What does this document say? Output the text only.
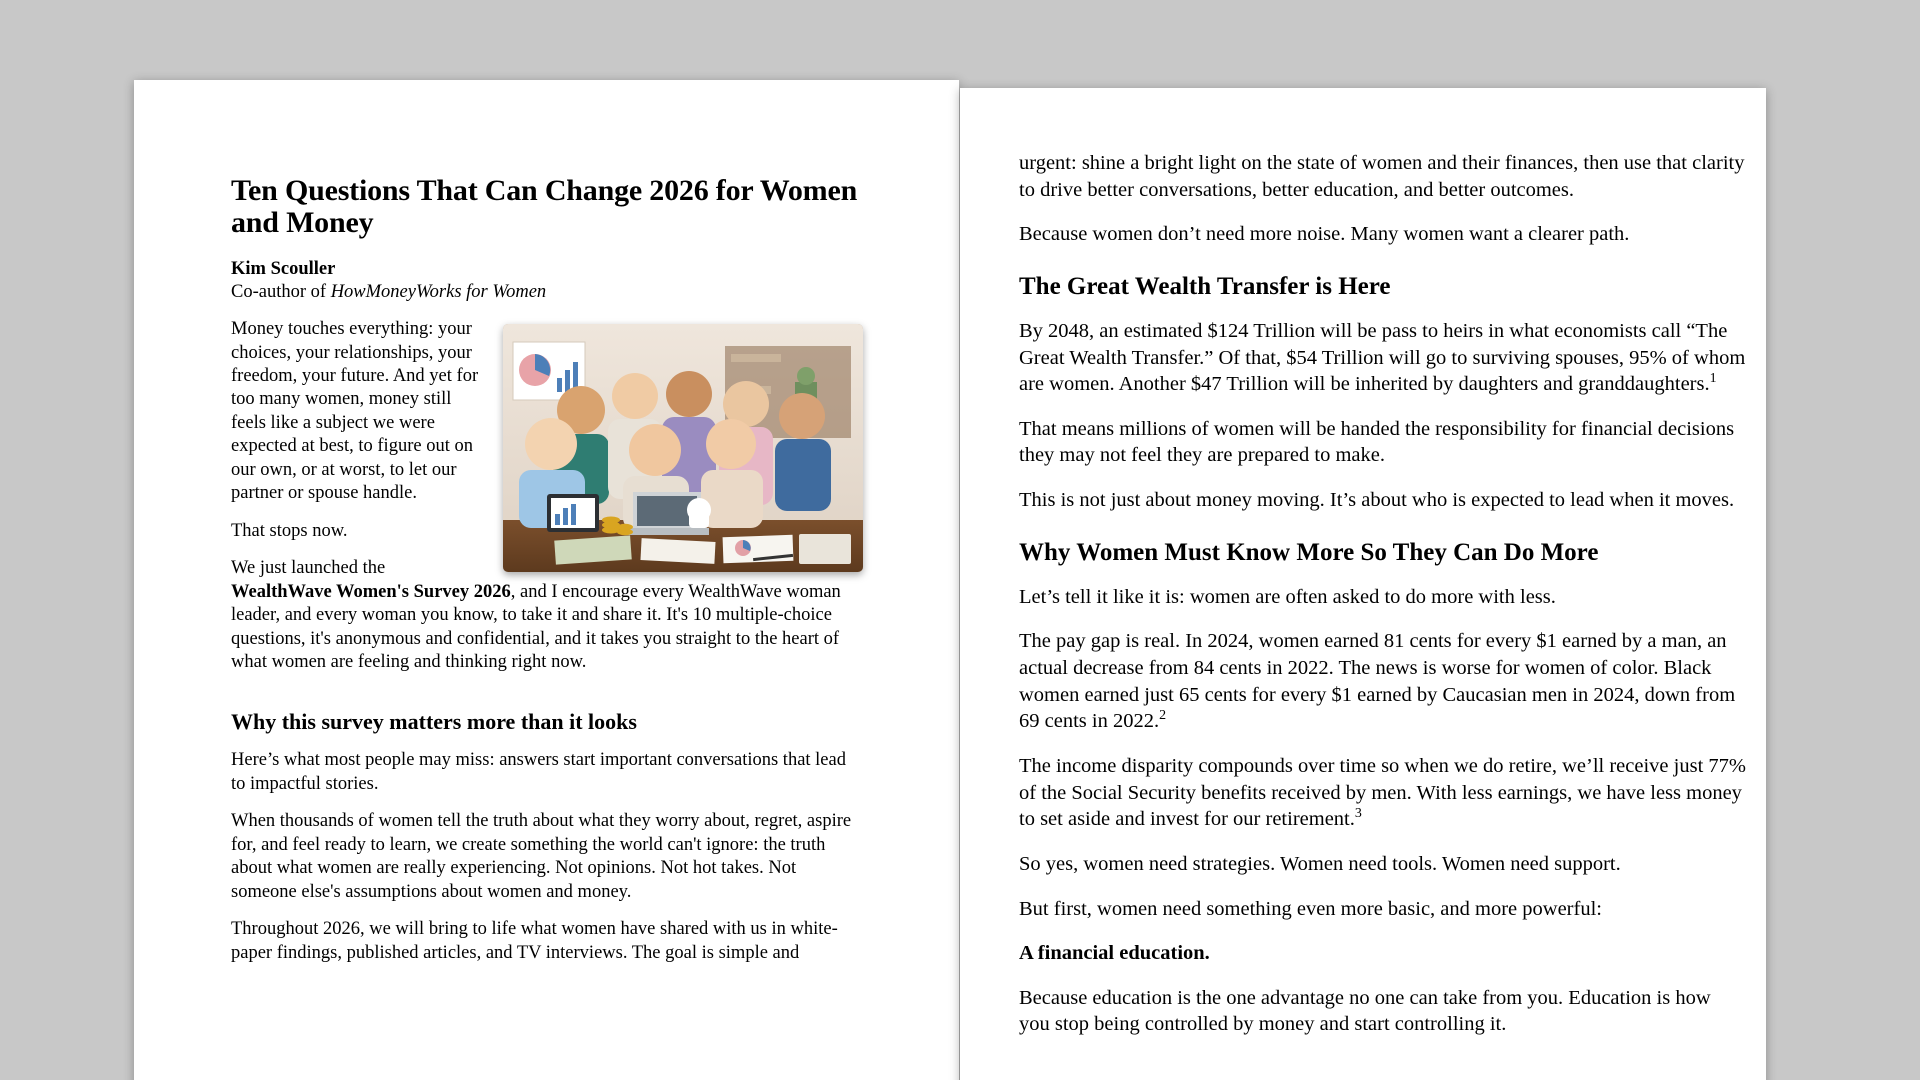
Ten Questions That Can Change 2026 for Women and Money

Kim Scouller

Co-author of HowMoneyWorks for Women

Money touches everything: your choices, your relationships, your freedom, your future. And yet for too many women, money still feels like a subject we were expected at best, to figure out on our own, or at worst, to let our partner or spouse handle.

That stops now.

We just launched the WealthWave Women's Survey 2026, and I encourage every WealthWave woman leader, and every woman you know, to take it and share it. It's 10 multiple-choice questions, it's anonymous and confidential, and it takes you straight to the heart of what women are feeling and thinking right now.

Why this survey matters more than it looks

Here’s what most people may miss: answers start important conversations that lead to impactful stories.

When thousands of women tell the truth about what they worry about, regret, aspire for, and feel ready to learn, we create something the world can't ignore: the truth about what women are really experiencing. Not opinions. Not hot takes. Not someone else's assumptions about women and money.

Throughout 2026, we will bring to life what women have shared with us in white-paper findings, published articles, and TV interviews. The goal is simple and

urgent: shine a bright light on the state of women and their finances, then use that clarity to drive better conversations, better education, and better outcomes.

Because women don’t need more noise. Many women want a clearer path.

The Great Wealth Transfer is Here

By 2048, an estimated $124 Trillion will be pass to heirs in what economists call “The Great Wealth Transfer.” Of that, $54 Trillion will go to surviving spouses, 95% of whom are women. Another $47 Trillion will be inherited by daughters and granddaughters.$^1$

That means millions of women will be handed the responsibility for financial decisions they may not feel they are prepared to make.

This is not just about money moving. It’s about who is expected to lead when it moves.

Why Women Must Know More So They Can Do More

Let’s tell it like it is: women are often asked to do more with less.

The pay gap is real. In 2024, women earned 81 cents for every $1 earned by a man, an actual decrease from 84 cents in 2022. The news is worse for women of color. Black women earned just 65 cents for every $1 earned by Caucasian men in 2024, down from 69 cents in 2022.$^2$

The income disparity compounds over time so when we do retire, we’ll receive just 77% of the Social Security benefits received by men. With less earnings, we have less money to set aside and invest for our retirement.$^3$

So yes, women need strategies. Women need tools. Women need support.

But first, women need something even more basic, and more powerful:

A financial education.

Because education is the one advantage no one can take from you. Education is how you stop being controlled by money and start controlling it.
